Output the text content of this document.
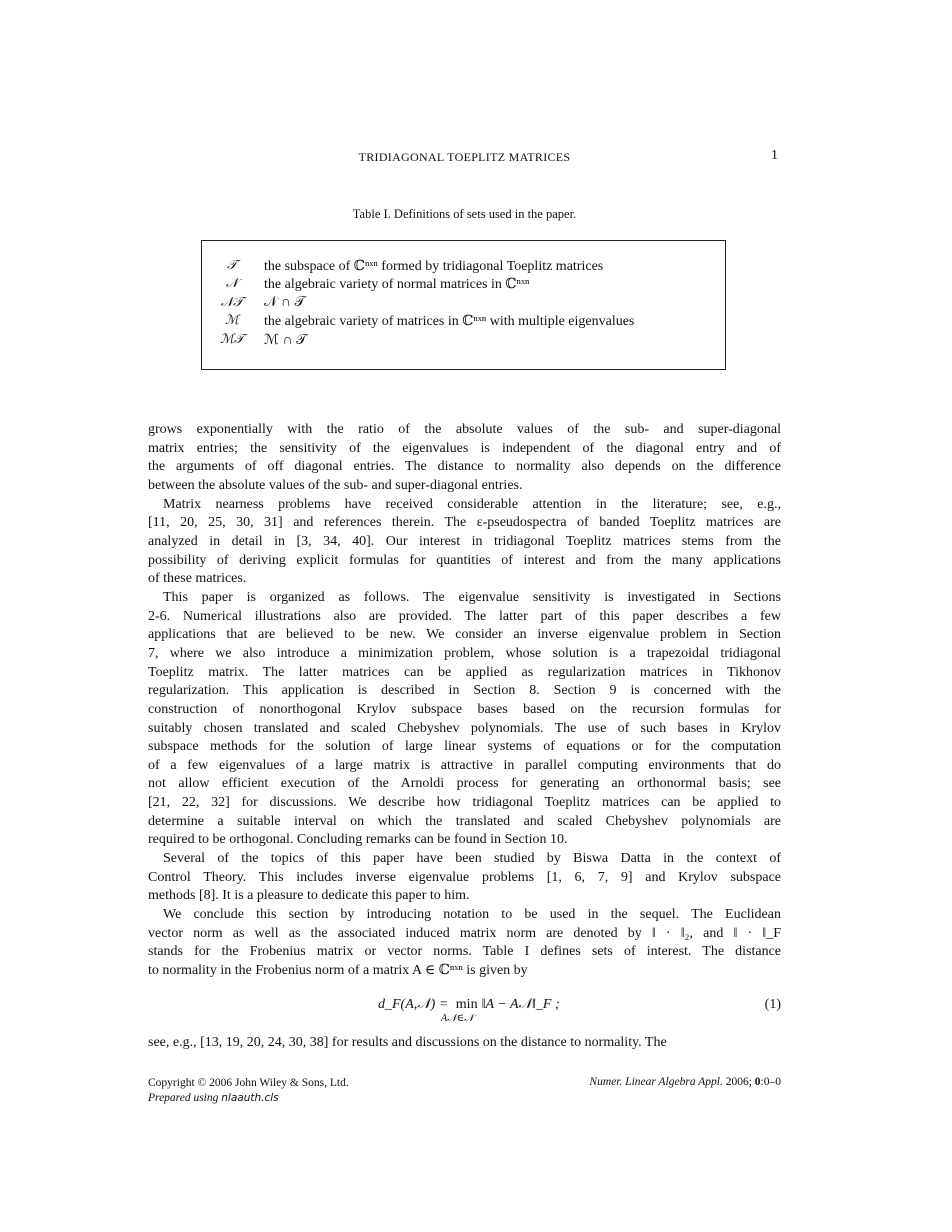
TRIDIAGONAL TOEPLITZ MATRICES	1
Table I. Definitions of sets used in the paper.
𝒯	the subspace of ℂⁿˣⁿ formed by tridiagonal Toeplitz matrices
𝒩	the algebraic variety of normal matrices in ℂⁿˣⁿ
𝒩𝒯	𝒩 ∩ 𝒯
ℳ	the algebraic variety of matrices in ℂⁿˣⁿ with multiple eigenvalues
ℳ𝒯	ℳ ∩ 𝒯
grows exponentially with the ratio of the absolute values of the sub- and super-diagonal
matrix entries; the sensitivity of the eigenvalues is independent of the diagonal entry and of
the arguments of off diagonal entries. The distance to normality also depends on the difference
between the absolute values of the sub- and super-diagonal entries.
Matrix nearness problems have received considerable attention in the literature; see, e.g.,
[11, 20, 25, 30, 31] and references therein. The ε-pseudospectra of banded Toeplitz matrices are
analyzed in detail in [3, 34, 40]. Our interest in tridiagonal Toeplitz matrices stems from the
possibility of deriving explicit formulas for quantities of interest and from the many applications
of these matrices.
This paper is organized as follows. The eigenvalue sensitivity is investigated in Sections
2-6. Numerical illustrations also are provided. The latter part of this paper describes a few
applications that are believed to be new. We consider an inverse eigenvalue problem in Section
7, where we also introduce a minimization problem, whose solution is a trapezoidal tridiagonal
Toeplitz matrix. The latter matrices can be applied as regularization matrices in Tikhonov
regularization. This application is described in Section 8. Section 9 is concerned with the
construction of nonorthogonal Krylov subspace bases based on the recursion formulas for
suitably chosen translated and scaled Chebyshev polynomials. The use of such bases in Krylov
subspace methods for the solution of large linear systems of equations or for the computation
of a few eigenvalues of a large matrix is attractive in parallel computing environments that do
not allow efficient execution of the Arnoldi process for generating an orthonormal basis; see
[21, 22, 32] for discussions. We describe how tridiagonal Toeplitz matrices can be applied to
determine a suitable interval on which the translated and scaled Chebyshev polynomials are
required to be orthogonal. Concluding remarks can be found in Section 10.
Several of the topics of this paper have been studied by Biswa Datta in the context of
Control Theory. This includes inverse eigenvalue problems [1, 6, 7, 9] and Krylov subspace
methods [8]. It is a pleasure to dedicate this paper to him.
We conclude this section by introducing notation to be used in the sequel. The Euclidean
vector norm as well as the associated induced matrix norm are denoted by ‖ · ‖₂, and ‖ · ‖_F
stands for the Frobenius matrix or vector norms. Table I defines sets of interest. The distance
to normality in the Frobenius norm of a matrix A ∈ ℂⁿˣⁿ is given by
d_F(A,𝒩) = min ‖A − A𝒩‖_F ;
A𝒩∈𝒩
(1)
see, e.g., [13, 19, 20, 24, 30, 38] for results and discussions on the distance to normality. The
Copyright © 2006 John Wiley & Sons, Ltd.
Prepared using nlaauth.cls
Numer. Linear Algebra Appl. 2006; 0:0–0
